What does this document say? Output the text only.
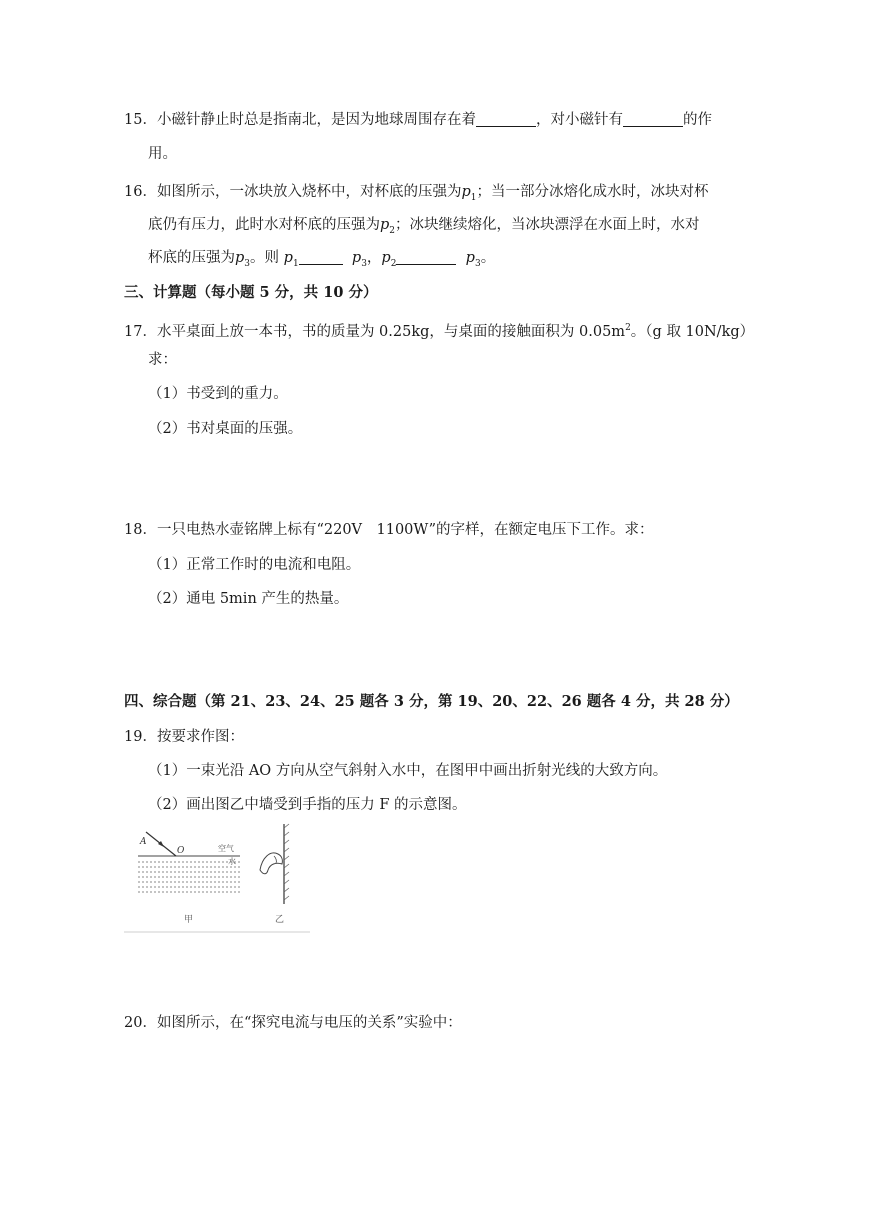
15．小磁针静止时总是指南北，是因为地球周围存在着	，对小磁针有	的作
用。
16．如图所示，一冰块放入烧杯中，对杯底的压强为$p_1$；当一部分冰熔化成水时，冰块对杯
底仍有压力，此时水对杯底的压强为$p_2$；冰块继续熔化，当冰块漂浮在水面上时，水对
杯底的压强为$p_3$。则 $p_1$	$p_3$，$p_2$	$p_3$。
三、计算题（每小题 5 分，共 10 分）
17．水平桌面上放一本书，书的质量为 0.25kg，与桌面的接触面积为 $0.05m^2$。（g 取 10N/kg）
求：
（1）书受到的重力。
（2）书对桌面的压强。
18．一只电热水壶铭牌上标有“220V　1100W”的字样，在额定电压下工作。求：
（1）正常工作时的电流和电阻。
（2）通电 5min 产生的热量。
四、综合题（第 21、23、24、25 题各 3 分，第 19、20、22、26 题各 4 分，共 28 分）
19．按要求作图：
（1）一束光沿 AO 方向从空气斜射入水中，在图甲中画出折射光线的大致方向。
（2）画出图乙中墙受到手指的压力 F 的示意图。
A
O	空气
水
甲	乙
20．如图所示，在“探究电流与电压的关系”实验中：
